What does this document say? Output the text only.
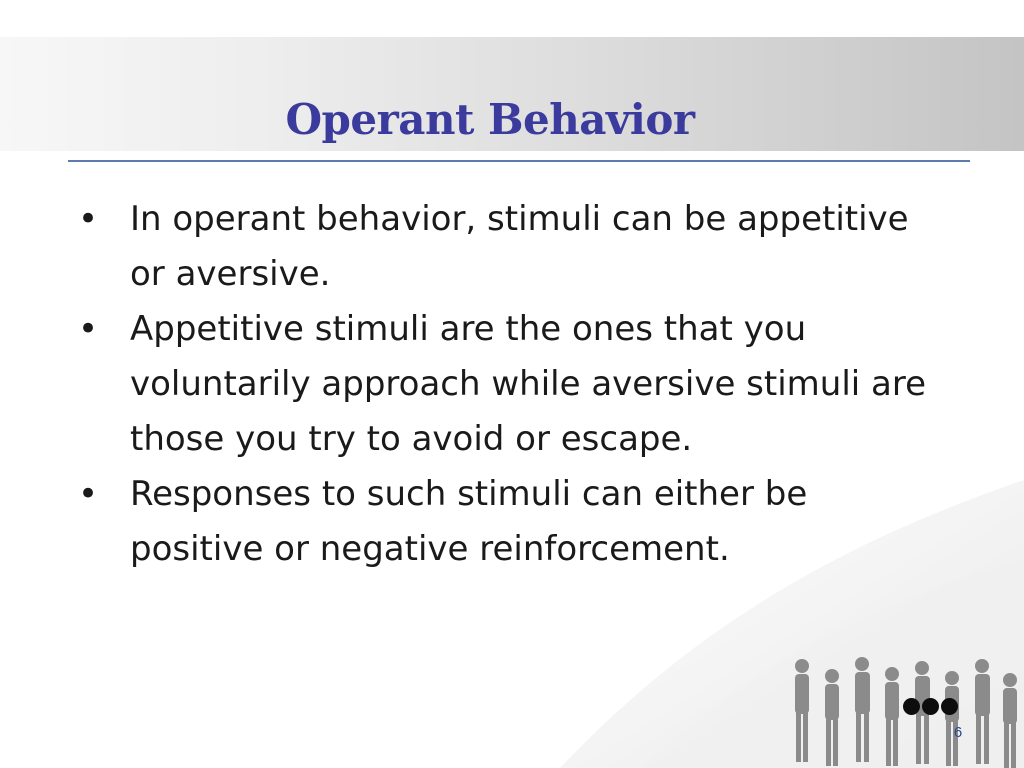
Operant Behavior
• In operant behavior, stimuli can be appetitive or aversive.
• Appetitive stimuli are the ones that you voluntarily approach while aversive stimuli are those you try to avoid or escape.
• Responses to such stimuli can either be positive or negative reinforcement.
6
